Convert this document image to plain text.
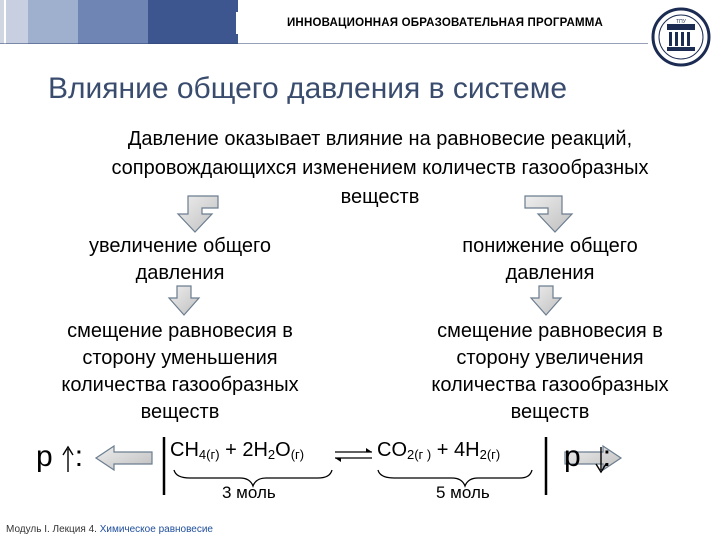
ИННОВАЦИОННАЯ ОБРАЗОВАТЕЛЬНАЯ ПРОГРАММА	ТПУ
Влияние общего давления в системе
Давление оказывает влияние на равновесие реакций,
сопровождающихся изменением количеств газообразных
веществ
увеличение общего
давления
смещение равновесия в
сторону уменьшения
количества газообразных
веществ
понижение общего
давления
смещение равновесия в
сторону увеличения
количества газообразных
веществ
p :	p :
$CH_{4(г)} + 2H_2O_{(г)}$	$CO_{2(г )} + 4H_{2(г)}$
3 моль	5 моль
Модуль I. Лекция 4. Химическое равновесие
